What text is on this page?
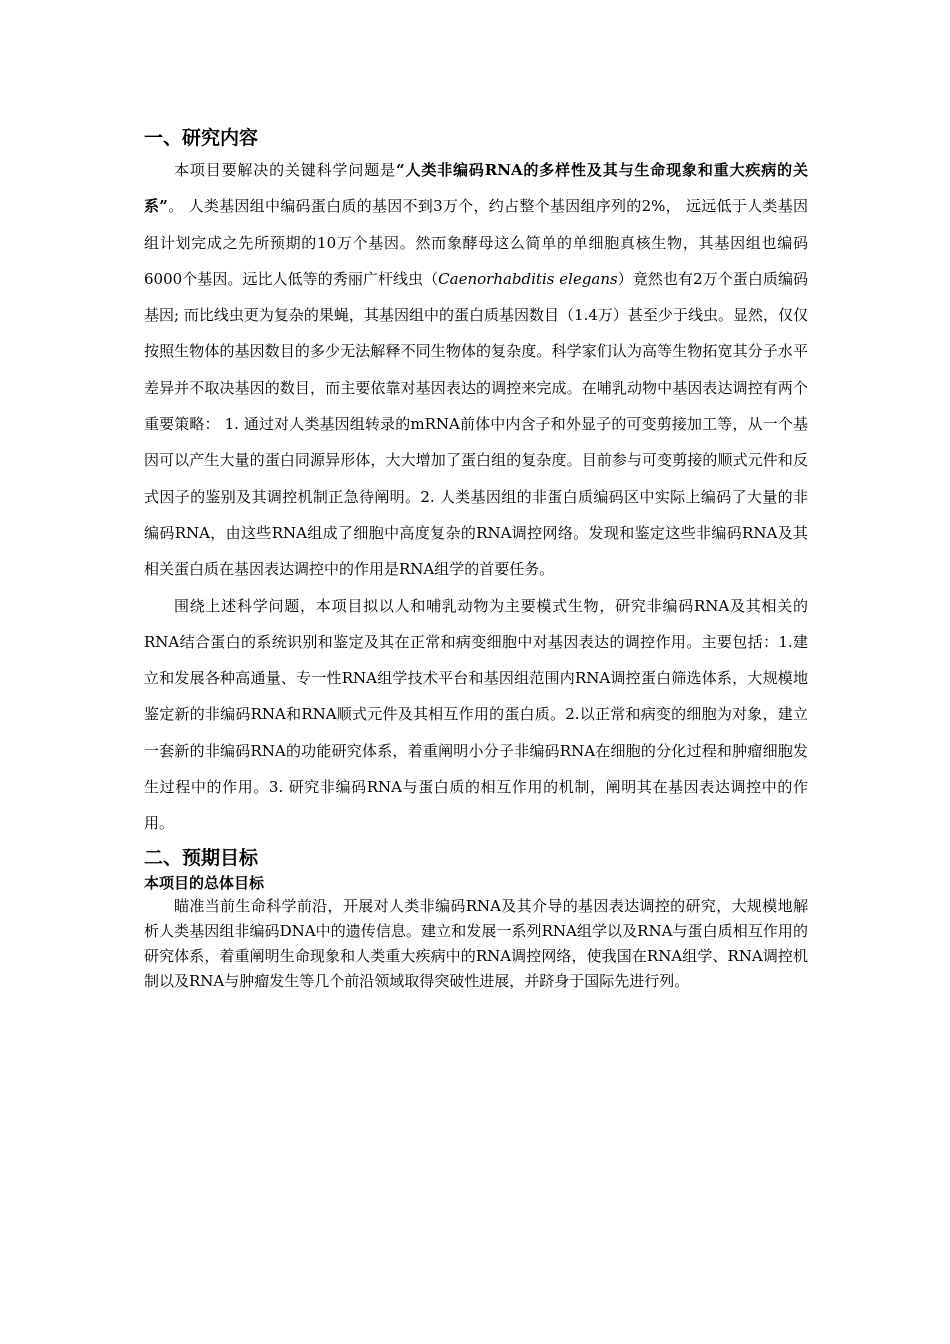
一、研究内容

本项目要解决的关键科学问题是“人类非编码RNA的多样性及其与生命现象和重大疾病的关系”。 人类基因组中编码蛋白质的基因不到3万个，约占整个基因组序列的2%， 远远低于人类基因组计划完成之先所预期的10万个基因。然而象酵母这么简单的单细胞真核生物，其基因组也编码6000个基因。远比人低等的秀丽广杆线虫（Caenorhabditis elegans）竟然也有2万个蛋白质编码基因; 而比线虫更为复杂的果蝇，其基因组中的蛋白质基因数目（1.4万）甚至少于线虫。显然，仅仅按照生物体的基因数目的多少无法解释不同生物体的复杂度。科学家们认为高等生物拓宽其分子水平差异并不取决基因的数目，而主要依靠对基因表达的调控来完成。在哺乳动物中基因表达调控有两个重要策略： 1. 通过对人类基因组转录的mRNA前体中内含子和外显子的可变剪接加工等，从一个基因可以产生大量的蛋白同源异形体，大大增加了蛋白组的复杂度。目前参与可变剪接的顺式元件和反式因子的鉴别及其调控机制正急待阐明。2. 人类基因组的非蛋白质编码区中实际上编码了大量的非编码RNA，由这些RNA组成了细胞中高度复杂的RNA调控网络。发现和鉴定这些非编码RNA及其相关蛋白质在基因表达调控中的作用是RNA组学的首要任务。

围绕上述科学问题，本项目拟以人和哺乳动物为主要模式生物，研究非编码RNA及其相关的RNA结合蛋白的系统识别和鉴定及其在正常和病变细胞中对基因表达的调控作用。主要包括：1.建立和发展各种高通量、专一性RNA组学技术平台和基因组范围内RNA调控蛋白筛选体系，大规模地鉴定新的非编码RNA和RNA顺式元件及其相互作用的蛋白质。2.以正常和病变的细胞为对象，建立一套新的非编码RNA的功能研究体系，着重阐明小分子非编码RNA在细胞的分化过程和肿瘤细胞发生过程中的作用。3. 研究非编码RNA与蛋白质的相互作用的机制，阐明其在基因表达调控中的作用。

二、预期目标

本项目的总体目标

瞄准当前生命科学前沿，开展对人类非编码RNA及其介导的基因表达调控的研究，大规模地解析人类基因组非编码DNA中的遗传信息。建立和发展一系列RNA组学以及RNA与蛋白质相互作用的研究体系，着重阐明生命现象和人类重大疾病中的RNA调控网络，使我国在RNA组学、RNA调控机制以及RNA与肿瘤发生等几个前沿领域取得突破性进展，并跻身于国际先进行列。
